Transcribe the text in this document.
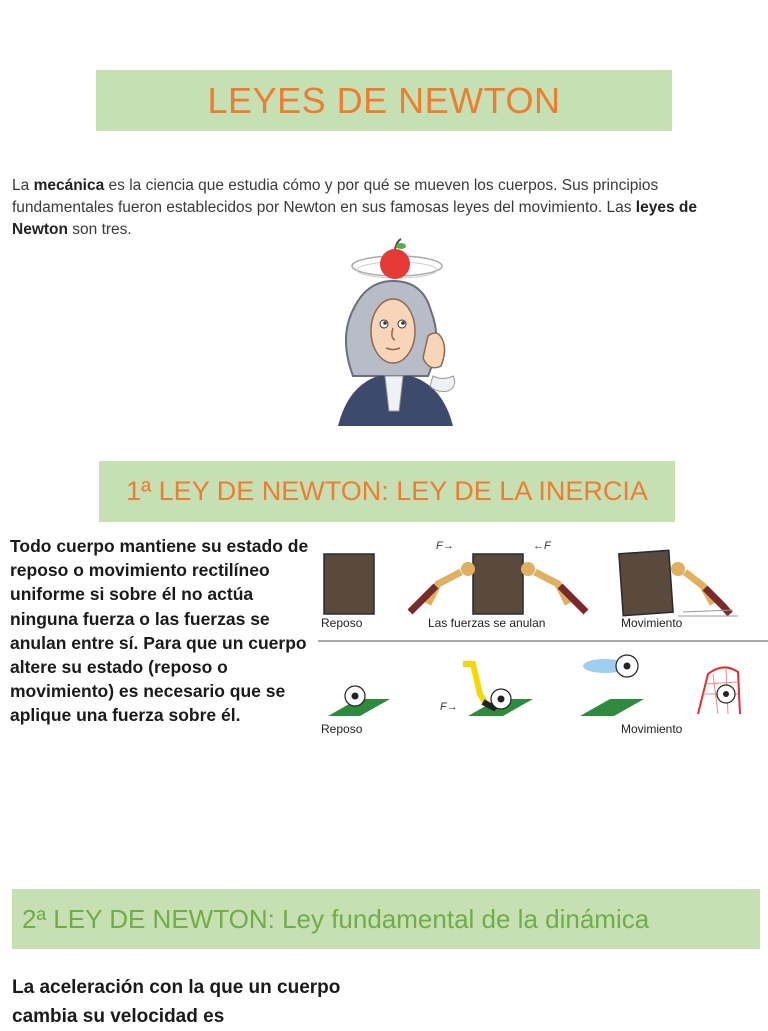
LEYES DE NEWTON
La mecánica es la ciencia que estudia cómo y por qué se mueven los cuerpos. Sus principios fundamentales fueron establecidos por Newton en sus famosas leyes del movimiento. Las leyes de Newton son tres.
1ª LEY DE NEWTON: LEY DE LA INERCIA
Todo cuerpo mantiene su estado de reposo o movimiento rectilíneo uniforme si sobre él no actúa ninguna fuerza o las fuerzas se anulan entre sí. Para que un cuerpo altere su estado (reposo o movimiento) es necesario que se aplique una fuerza sobre él.
F→	←F
Reposo	Las fuerzas se anulan	Movimiento
F→
Reposo	Movimiento
2ª LEY DE NEWTON: Ley fundamental de la dinámica
La aceleración con la que un cuerpo cambia su velocidad es
